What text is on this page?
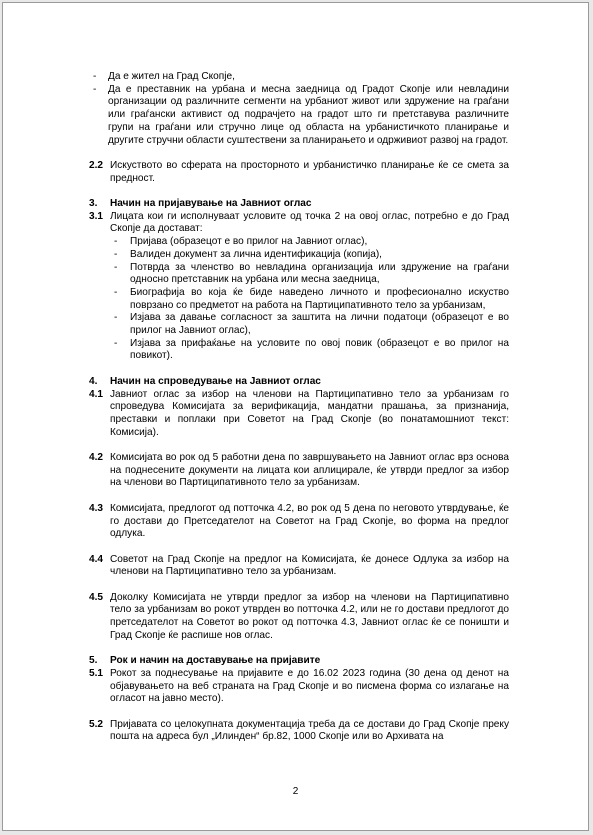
- Да е жител на Град Скопје,
- Да е преставник на урбана и месна заедница од Градот Скопје или невладини организации од различните сегменти на урбаниот живот или здружение на граѓани или граѓански активист од подрачјето на градот што ги претставува различните групи на граѓани или стручно лице од областа на урбанистичкото планирање и другите стручни области суштествени за планирањето и одрживиот развој на градот.
2.2 Искуството во сферата на просторното и урбанистичко планирање ќе се смета за предност.
3. Начин на пријавување на Јавниот оглас
3.1 Лицата кои ги исполнуваат условите од точка 2 на овој оглас, потребно е до Град Скопје да достават:
- Пријава (образецот е во прилог на Јавниот оглас),
- Валиден документ за лична идентификација (копија),
- Потврда за членство во невладина организација или здружение на граѓани односно претставник на урбана или месна заедница,
- Биографија во која ќе биде наведено личното и професионално искуство поврзано со предметот на работа на Партиципативното тело за урбанизам,
- Изјава за давање согласност за заштита на лични податоци (образецот е во прилог на Јавниот оглас),
- Изјава за прифаќање на условите по овој повик (образецот е во прилог на повикот).
4. Начин на спроведување на Јавниот оглас
4.1 Јавниот оглас за избор на членови на Партиципативно тело за урбанизам го спроведува Комисијата за верификација, мандатни прашања, за признанија, преставки и поплаки при Советот на Град Скопје (во понатамошниот текст: Комисија).
4.2 Комисијата во рок од 5 работни дена по завршувањето на Јавниот оглас врз основа на поднесените документи на лицата кои аплицирале, ќе утврди предлог за избор на членови во Партиципативното тело за урбанизам.
4.3 Комисијата, предлогот од потточка 4.2, во рок од 5 дена по неговото утврдување, ќе го достави до Претседателот на Советот на Град Скопје, во форма на предлог одлука.
4.4 Советот на Град Скопје на предлог на Комисијата, ќе донесе Одлука за избор на членови на Партиципативно тело за урбанизам.
4.5 Доколку Комисијата не утврди предлог за избор на членови на Партиципативно тело за урбанизам во рокот утврден во потточка 4.2, или не го достави предлогот до претседателот на Советот во рокот од потточка 4.3, Јавниот оглас ќе се поништи и Град Скопје ќе распише нов оглас.
5. Рок и начин на доставување на пријавите
5.1 Рокот за поднесување на пријавите е до 16.02 2023 година (30 дена од денот на објавувањето на веб страната на Град Скопје и во писмена форма со излагање на огласот на јавно место).
5.2 Пријавата со целокупната документација треба да се достави до Град Скопје преку пошта на адреса бул „Илинден“ бр.82, 1000 Скопје или во Архивата на
2
